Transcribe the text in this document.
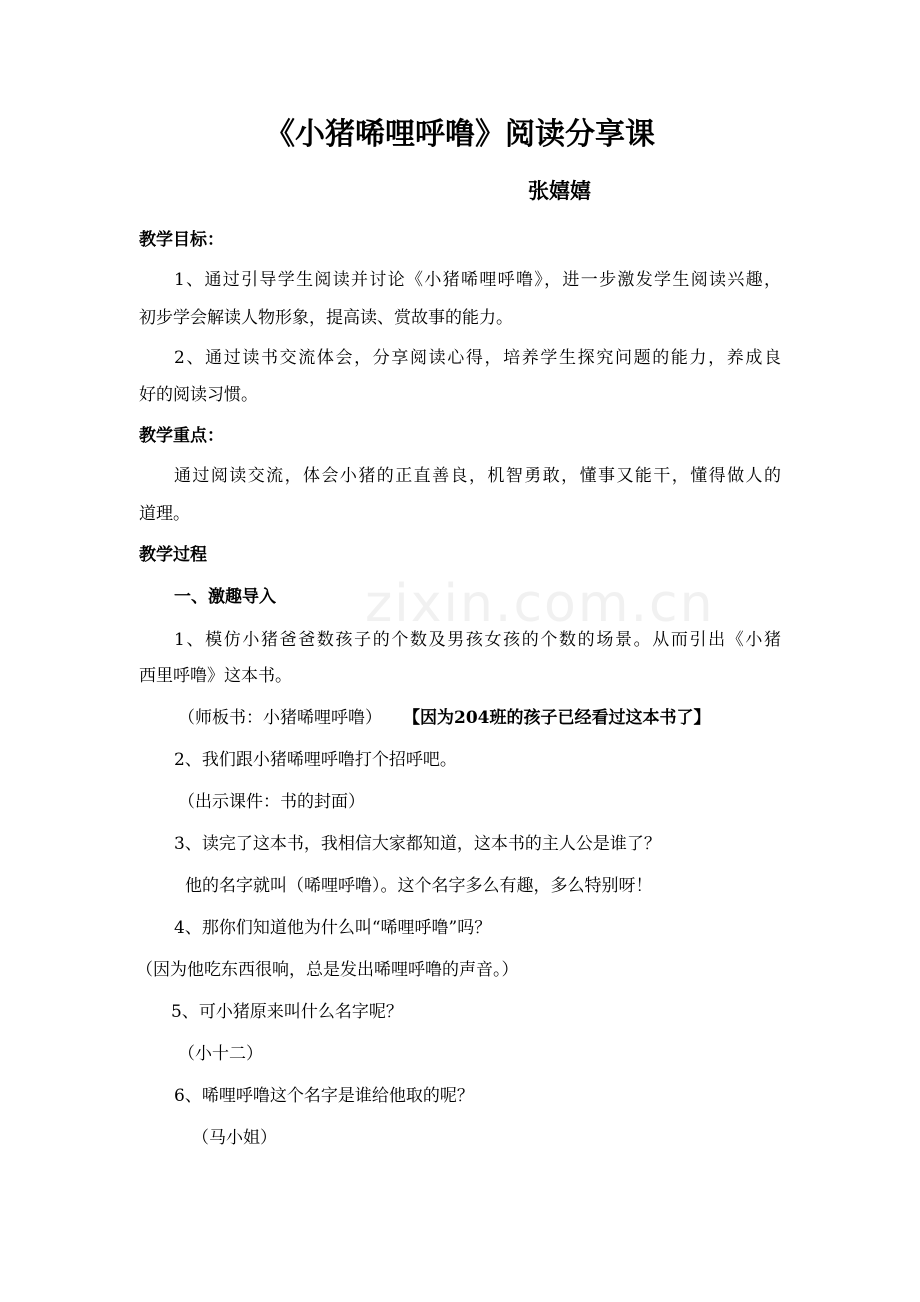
zixin.com.cn
《小猪唏哩呼噜》阅读分享课
张嬉嬉
教学目标：
1、通过引导学生阅读并讨论《小猪唏哩呼噜》，进一步激发学生阅读兴趣，
初步学会解读人物形象，提高读、赏故事的能力。
2、通过读书交流体会，分享阅读心得，培养学生探究问题的能力，养成良
好的阅读习惯。
教学重点：
通过阅读交流，体会小猪的正直善良，机智勇敢，懂事又能干，懂得做人的
道理。
教学过程
一、激趣导入
1、模仿小猪爸爸数孩子的个数及男孩女孩的个数的场景。从而引出《小猪
西里呼噜》这本书。
（师板书：小猪唏哩呼噜） 【因为204班的孩子已经看过这本书了】
2、我们跟小猪唏哩呼噜打个招呼吧。
（出示课件：书的封面）
3、读完了这本书，我相信大家都知道，这本书的主人公是谁了？
他的名字就叫（唏哩呼噜）。这个名字多么有趣，多么特别呀！
4、那你们知道他为什么叫“唏哩呼噜”吗？
（因为他吃东西很响，总是发出唏哩呼噜的声音。）
5、可小猪原来叫什么名字呢？
（小十二）
6、唏哩呼噜这个名字是谁给他取的呢？
（马小姐）
